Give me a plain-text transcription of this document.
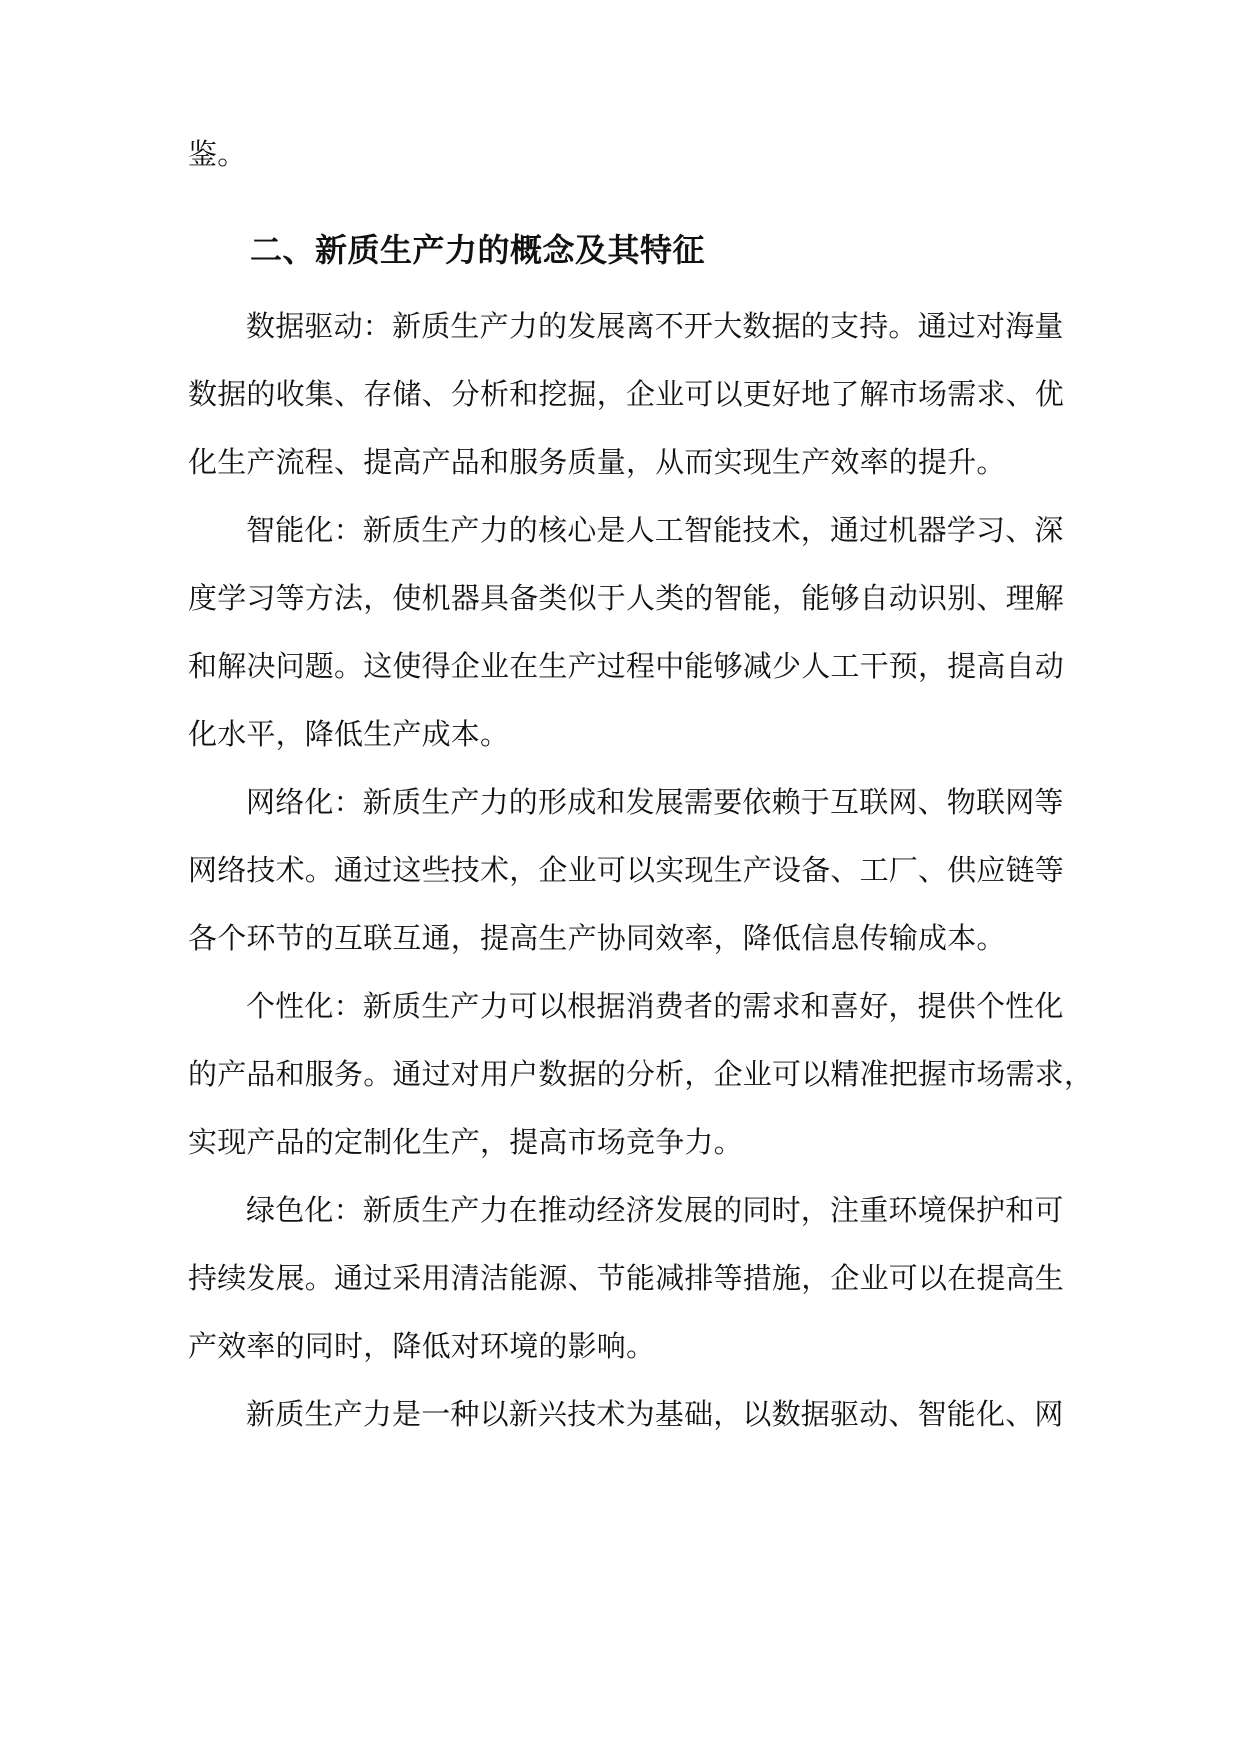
鉴。
二、新质生产力的概念及其特征
数据驱动：新质生产力的发展离不开大数据的支持。通过对海量
数据的收集、存储、分析和挖掘，企业可以更好地了解市场需求、优
化生产流程、提高产品和服务质量，从而实现生产效率的提升。
智能化：新质生产力的核心是人工智能技术，通过机器学习、深
度学习等方法，使机器具备类似于人类的智能，能够自动识别、理解
和解决问题。这使得企业在生产过程中能够减少人工干预，提高自动
化水平，降低生产成本。
网络化：新质生产力的形成和发展需要依赖于互联网、物联网等
网络技术。通过这些技术，企业可以实现生产设备、工厂、供应链等
各个环节的互联互通，提高生产协同效率，降低信息传输成本。
个性化：新质生产力可以根据消费者的需求和喜好，提供个性化
的产品和服务。通过对用户数据的分析，企业可以精准把握市场需求，
实现产品的定制化生产，提高市场竞争力。
绿色化：新质生产力在推动经济发展的同时，注重环境保护和可
持续发展。通过采用清洁能源、节能减排等措施，企业可以在提高生
产效率的同时，降低对环境的影响。
新质生产力是一种以新兴技术为基础，以数据驱动、智能化、网
